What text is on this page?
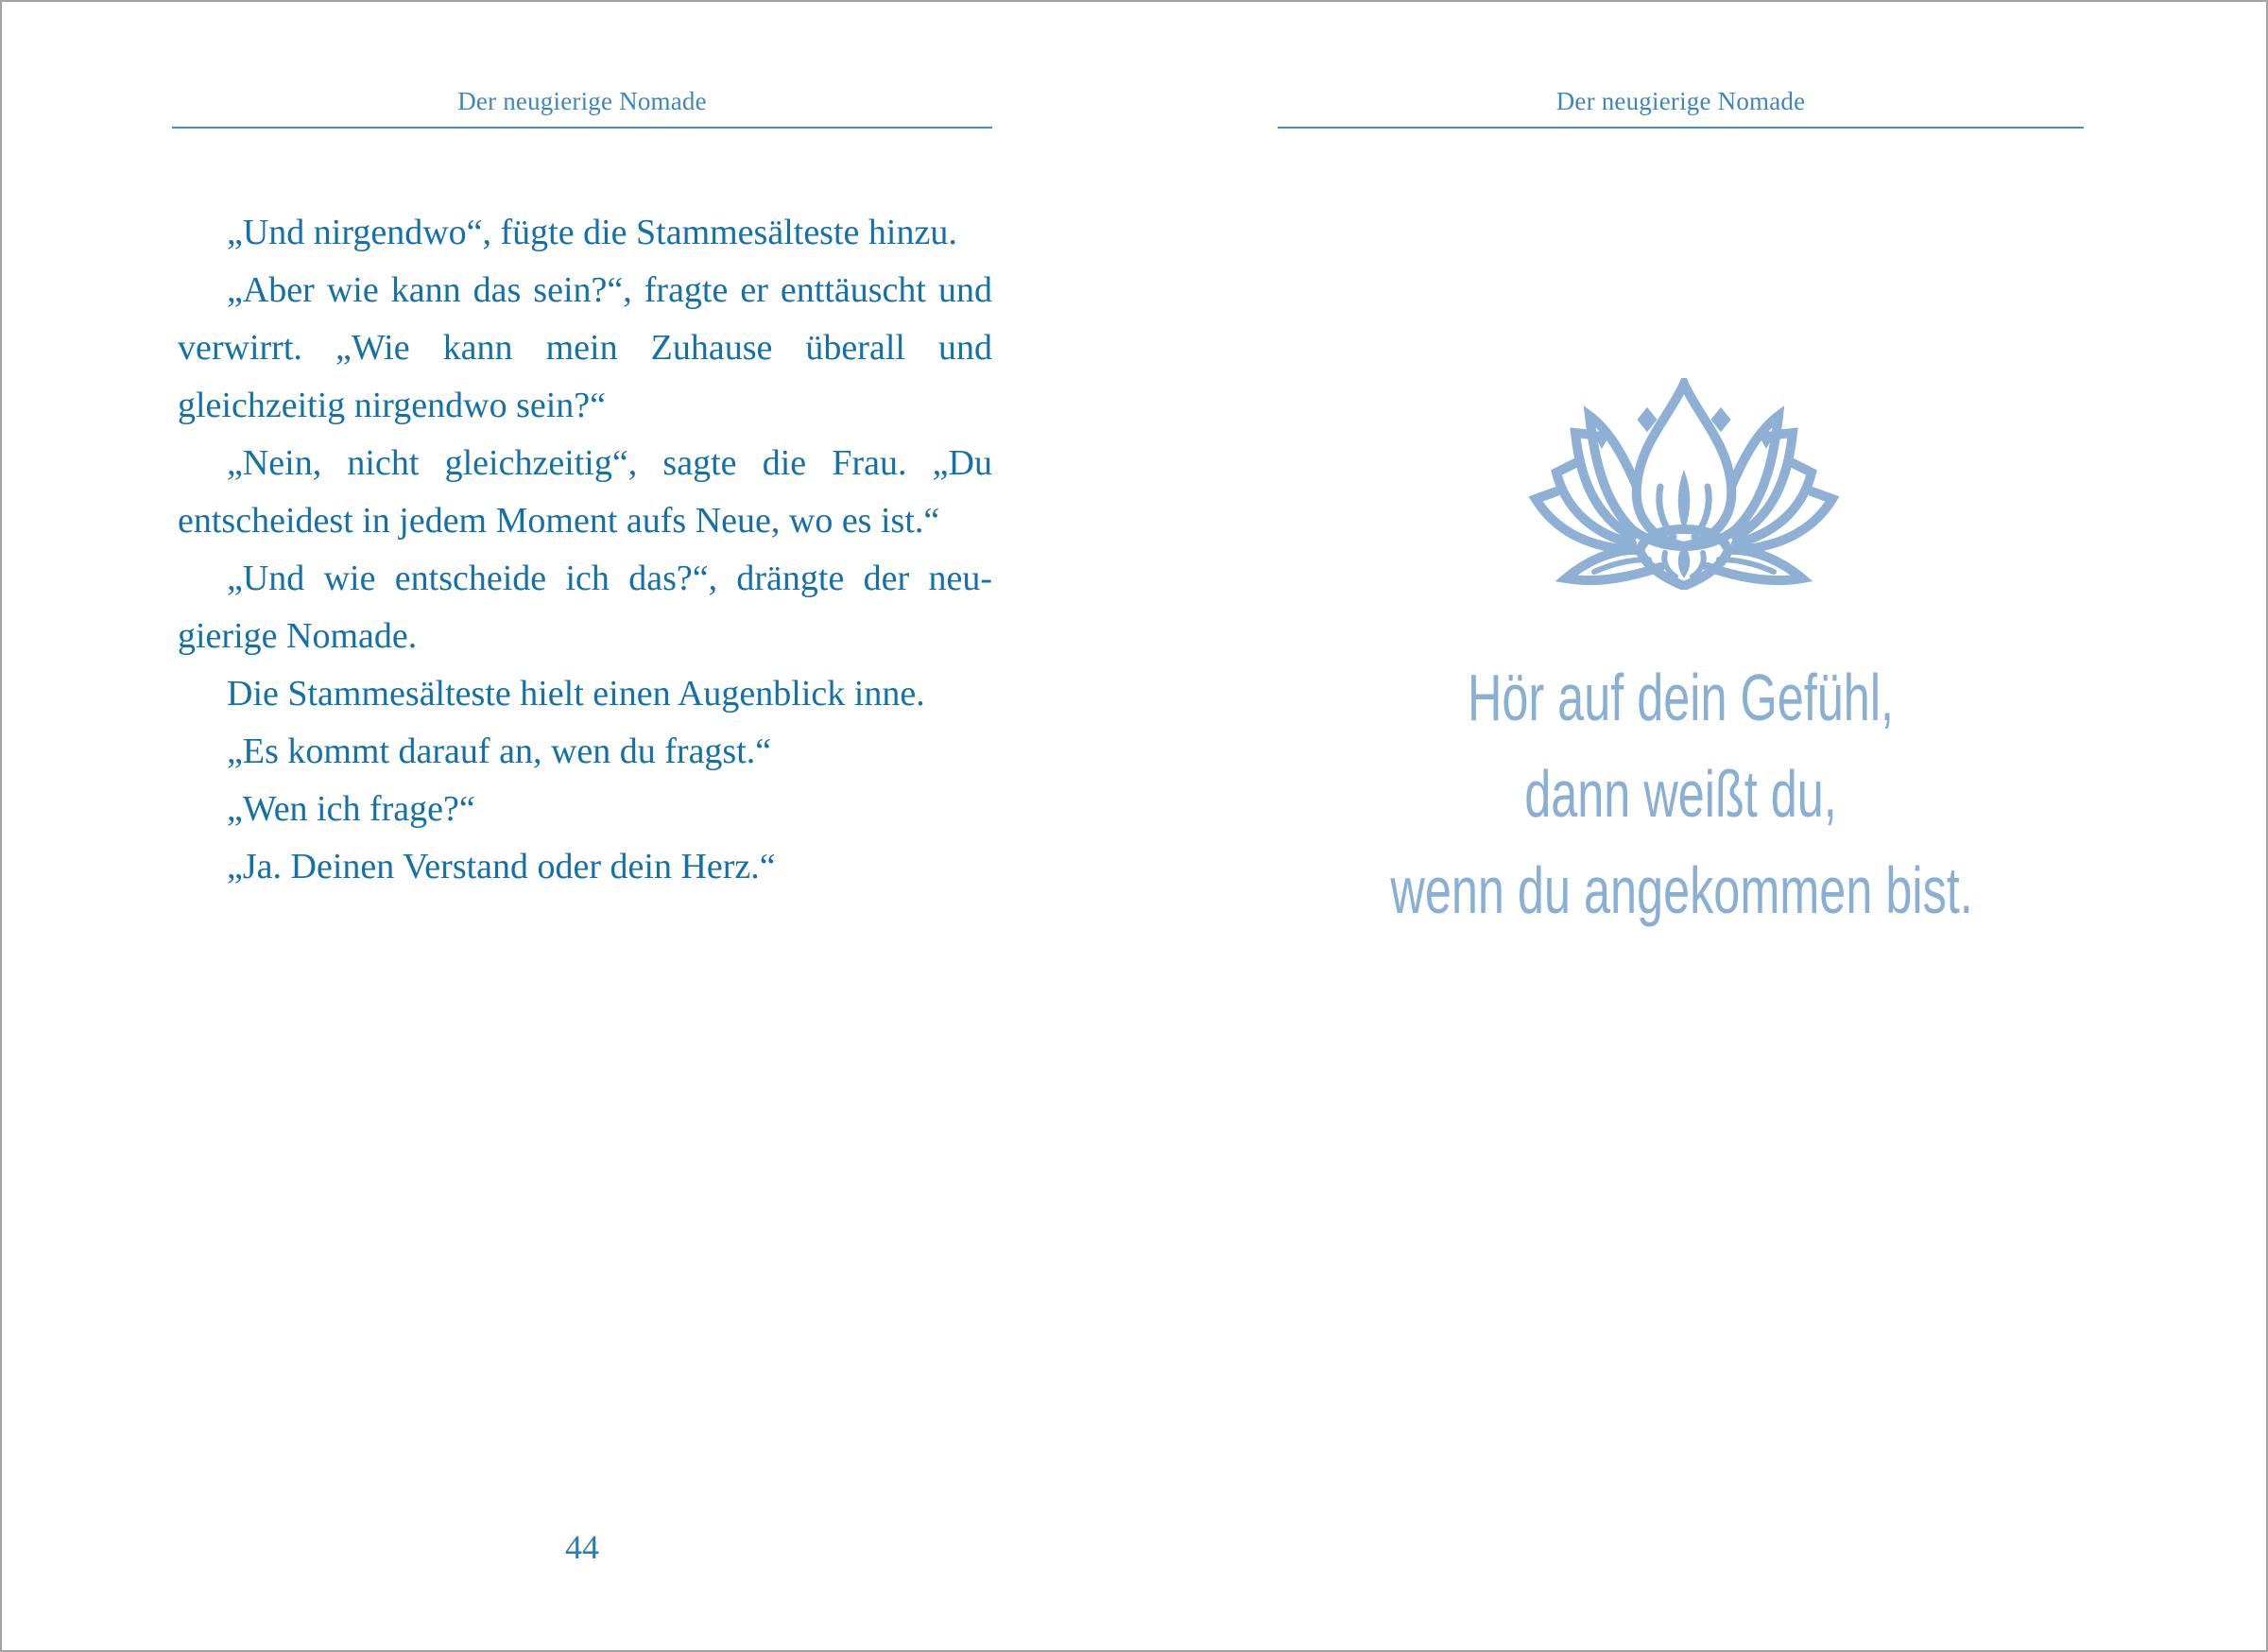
Der neugierige Nomade

„Und nirgendwo“, fügte die Stammesälteste hinzu.

„Aber wie kann das sein?“, fragte er enttäuscht und verwirrt. „Wie kann mein Zuhause überall und gleichzeitig nirgendwo sein?“

„Nein, nicht gleichzeitig“, sagte die Frau. „Du entscheidest in jedem Moment aufs Neue, wo es ist.“

„Und wie entscheide ich das?“, drängte der neugierige Nomade.

Die Stammesälteste hielt einen Augenblick inne.

„Es kommt darauf an, wen du fragst.“

„Wen ich frage?“

„Ja. Deinen Verstand oder dein Herz.“

44
Der neugierige Nomade
Hör auf dein Gefühl,
dann weißt du,
wenn du angekommen bist.
